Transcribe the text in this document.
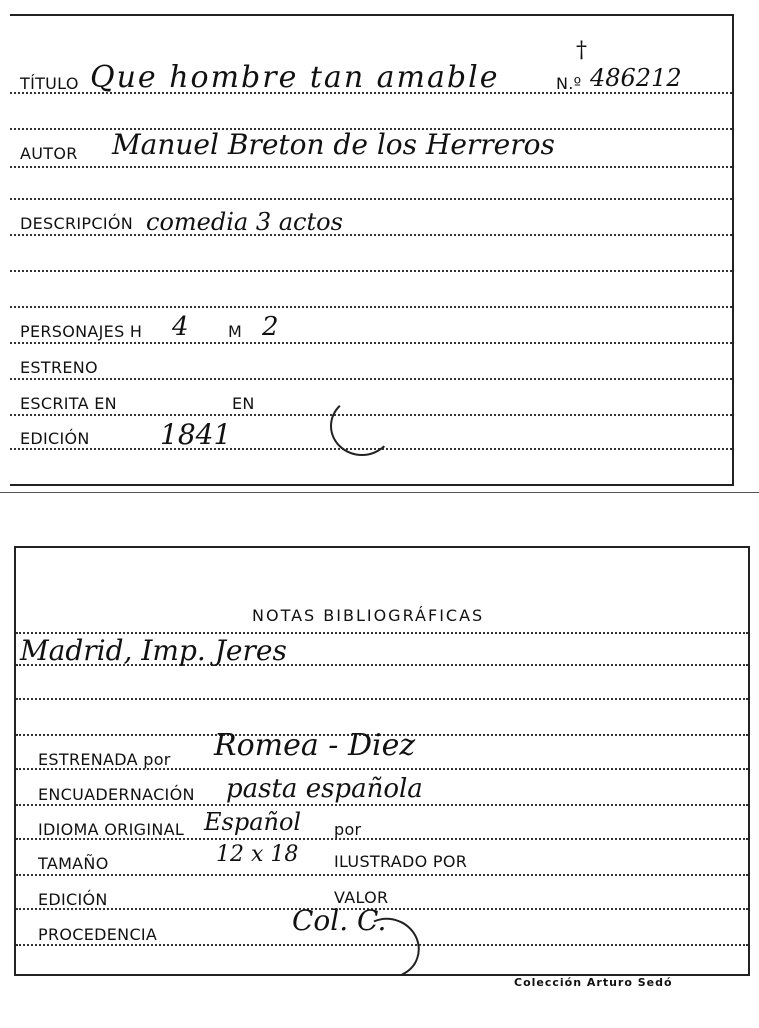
TÍTULO Que hombre tan amable
†
N.º 486212
AUTOR Manuel Breton de los Herreros
DESCRIPCIÓN comedia 3 actos
PERSONAJES H 4 M 2
ESTRENO
ESCRITA EN	EN
EDICIÓN	1841
NOTAS BIBLIOGRÁFICAS
Madrid, Imp. Jeres
ESTRENADA por Romea - Diez
ENCUADERNACIÓN pasta española
IDIOMA ORIGINAL Español por
TAMAÑO	12 x 18 ILUSTRADO POR
EDICIÓN	VALOR
PROCEDENCIA	Col. C.
Colección Arturo Sedó
